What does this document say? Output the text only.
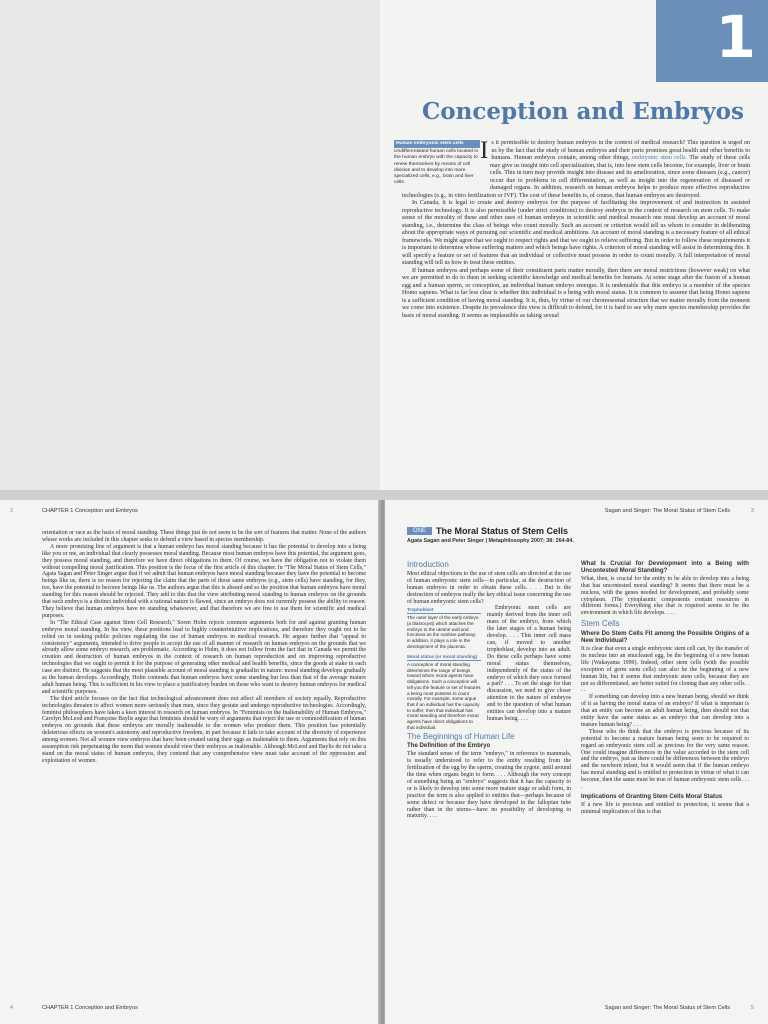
1
Conception and Embryos
Human embryonic stem cells
Undifferentiated human cells located in the human embryo with the capacity to renew themselves by means of cell division and to develop into more specialized cells, e.g., brain and liver cells.

Is it permissible to destroy human embryos in the context of medical research? This question is urged on us by the fact that the study of human embryos and their parts promises great health and other benefits to humans. Human embryos contain, among other things, embryonic stem cells. The study of these cells may give us insight into cell specialization, that is, into how stem cells become, for example, liver or brain cells. This in turn may provide insight into disease and its amelioration, since some diseases (e.g., cancer) occur due to problems in cell differentiation, as well as insight into the regeneration of diseased or damaged organs. In addition, research on human embryos helps to produce more effective reproductive technologies (e.g., in vitro fertilization or IVF). The cost of these benefits is, of course, that human embryos are destroyed.

In Canada, it is legal to create and destroy embryos for the purpose of facilitating the improvement of and instruction in assisted reproductive technology. It is also permissible (under strict conditions) to destroy embryos in the context of research on stem cells. To make sense of the morality of these and other uses of human embryos in scientific and medical research one must develop an account of moral standing, i.e., determine the class of beings who count morally. Such an account or criterion would tell us whom to consider in deliberating about the appropriate ways of pursuing our scientific and medical ambitions. An account of moral standing is a necessary feature of all ethical frameworks. We might agree that we ought to respect rights and that we ought to relieve suffering. But in order to follow these requirements it is important to determine whose suffering matters and which beings have rights. A criterion of moral standing will assist in determining this. It will specify a feature or set of features that an individual or collective must possess in order to count morally. A full interpretation of moral standing will tell us how to treat these entities.

If human embryos and perhaps some of their constituent parts matter morally, then there are moral restrictions (however weak) on what we are permitted to do to them in seeking scientific knowledge and medical benefits for humans. At some stage after the fusion of a human egg and a human sperm, or conception, an individual human embryo emerges. It is undeniable that this embryo is a member of the species Homo sapiens. What is far less clear is whether this individual is a being with moral status. It is common to assume that being Homo sapiens is a sufficient condition of having moral standing. It is, thus, by virtue of our chromosomal structure that we matter morally from the moment we come into existence. Despite its prevalence this view is difficult to defend, for it is hard to see why mere species membership provides the basis of moral standing. It seems as implausible as taking sexual

2	CHAPTER 1 Conception and Embryos

orientation or race as the basis of moral standing. These things just do not seem to be the sort of features that matter. None of the authors whose works are included in this chapter seeks to defend a view based in species membership.

A more promising line of argument is that a human embryo has moral standing because it has the potential to develop into a being like you or me, an individual that clearly possesses moral standing. Because most human embryos have this potential, the argument goes, they possess moral standing, and therefore we have direct obligations to them. Of course, we have the obligation not to violate them without compelling moral justification. This position is the focus of the first article of this chapter. In "The Moral Status of Stem Cells," Agata Sagan and Peter Singer argue that if we admit that human embryos have moral standing because they have the potential to become beings like us, there is no reason for rejecting the claim that the parts of those same embryos (e.g., stem cells) have standing, for they, too, have the potential to become beings like us. The authors argue that this is absurd and so the position that human embryos have moral standing for this reason should be rejected. They add to this that the view attributing moral standing to human embryos on the grounds that each embryo is a distinct individual with a rational nature is flawed, since an embryo does not currently possess the ability to reason. They believe that human embryos have no standing whatsoever, and that therefore we are free to use them for scientific and medical purposes.

In "The Ethical Case against Stem Cell Research," Soren Holm rejects common arguments both for and against granting human embryos moral standing. In his view, these positions lead to highly counterintuitive implications, and therefore they ought not to be relied on in seeking public policies regulating the use of human embryos in medical research. He argues further that "appeal to consistency" arguments, intended to drive people to accept the use of all manner of research on human embryos on the grounds that we already allow some embryo research, are problematic. According to Holm, it does not follow from the fact that in Canada we permit the creation and destruction of human embryos in the context of research on human reproduction and on improving reproductive technologies that we ought to permit it for the purpose of generating other medical and health benefits, since the goods at stake in each case are distinct. He suggests that the most plausible account of moral standing is gradualist in nature: moral standing develops gradually as the human develops. Accordingly, Holm contends that human embryos have some standing but less than that of the average mature adult human being. This is sufficient in his view to place a justificatory burden on those who want to destroy human embryos for medical and scientific purposes.

The third article focuses on the fact that technological advancement does not affect all members of society equally. Reproductive technologies threaten to affect women more seriously than men, since they gestate and undergo reproductive technologies. Accordingly, feminist philosophers have taken a keen interest in research on human embryos. In "Feminists on the Inalienability of Human Embryos," Carolyn McLeod and Françoise Baylis argue that feminists should be wary of arguments that reject the use or commodification of human embryos on grounds that these embryos are morally inalienable to the women who produce them. This position has potentially deleterious effects on women's autonomy and reproductive freedom, in part because it fails to take account of the diversity of experience among women. Not all women view embryos that have been created using their eggs as inalienable to them. Arguments that rely on this assumption risk perpetuating the norm that women should view their embryos as inalienable. Although McLeod and Baylis do not take a stand on the moral status of human embryos, they contend that any comprehensive view must take account of the oppression and exploitation of women.

4	CHAPTER 1 Conception and Embryos
Sagan and Singer: The Moral Status of Stem Cells	3
ONE	The Moral Status of Stem Cells
Agata Sagan and Peter Singer | Metaphilosophy 2007; 38: 264-84.
Introduction

Most ethical objections to the use of stem cells are directed at the use of human embryonic stem cells—in particular, at the destruction of human embryos in order to obtain these cells. . . . But is the destruction of embryos really the key ethical issue concerning the use of human embryonic stem cells?

Trophoblast
The outer layer of the early embryo (a blastocyst) which attaches the embryo to the uterine wall and functions as the nutritive pathway; in addition, it plays a role in the development of the placenta.
Moral status (or moral standing)
A conception of moral standing determines the range of beings toward whom moral agents have obligations. Such a conception will tell you the feature or set of features a being must possess to count morally. For example, some argue that if an individual has the capacity to suffer, then that individual has moral standing and therefore moral agents have direct obligations to that individual.

Embryonic stem cells are mainly derived from the inner cell mass of the embryo, from which the later stages of a human being develop. . . . This inner cell mass can, if moved to another trophoblast, develop into an adult. Do these cells perhaps have some moral status themselves, independently of the status of the embryo of which they once formed a part? . . . To set the stage for that discussion, we need to give closer attention to the nature of embryos and to the question of what human entities can develop into a mature human being. . . .

The Beginnings of Human Life
The Definition of the Embryo

The standard sense of the term "embryo," in reference to mammals, is usually understood to refer to the entity resulting from the fertilization of the egg by the sperm, creating the zygote, until around the time when organs begin to form. . . . Although the very concept of something being an "embryo" suggests that it has the capacity to or is likely to develop into some more mature stage or adult form, in practice the term is also applied to entities that—perhaps because of some defect or because they have developed in the fallopian tube rather than in the uterus—have no possibility of developing to maturity. . . .

What Is Crucial for Development into a Being with Uncontested Moral Standing?

What, then, is crucial for the entity to be able to develop into a being that has uncontested moral standing? It seems that there must be a nucleus, with the genes needed for development, and probably some cytoplasm. (The cytoplasmic components contain resources in different forms.) Everything else that is required seems to be the environment in which life develops. . . .

Stem Cells
Where Do Stem Cells Fit among the Possible Origins of a New Individual?

It is clear that even a single embryonic stem cell can, by the transfer of its nucleus into an enucleated egg, be the beginning of a new human life (Wakayama 1999). Indeed, other stem cells (with the possible exception of germ stem cells) can also be the beginning of a new human life, but it seems that embryonic stem cells, because they are not so differentiated, are better suited for cloning than any other cells. . . .

If something can develop into a new human being, should we think of it as having the moral status of an embryo? If what is important is that an entity can become an adult human being, then should not that entity have the same status as an embryo that can develop into a mature human being? . . .

Those who do think that the embryo is precious because of its potential to become a mature human being seem to be required to regard an embryonic stem cell as precious for the very same reason. One could imagine differences in the value accorded to the stem cell and the embryo, just as there could be differences between the embryo and the newborn infant, but it would seem that if the human embryo has moral standing and is entitled to protection in virtue of what it can become, then the same must be true of human embryonic stem cells. . . .

Implications of Granting Stem Cells Moral Status

If a new life is precious and entitled to protection, it seems that a minimal implication of this is that

Sagan and Singer: The Moral Status of Stem Cells	5
